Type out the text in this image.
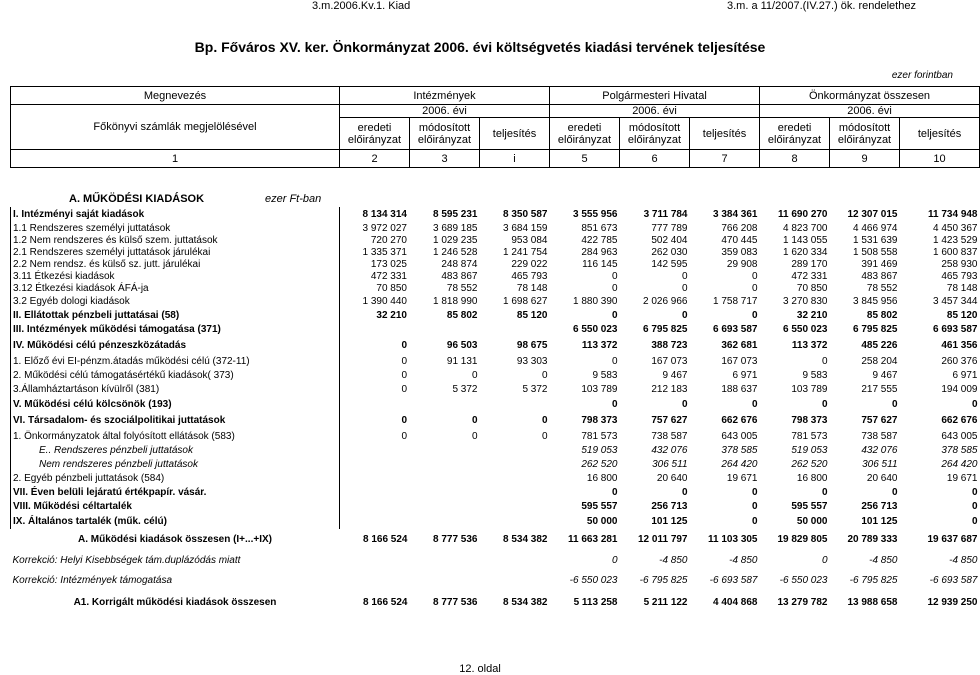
3.m.2006.Kv.1. Kiad	3.m. a 11/2007.(IV.27.) ök. rendelethez
Bp. Főváros XV. ker. Önkormányzat 2006. évi költségvetés kiadási tervének teljesítése
ezer forintban
Megnevezés	Intézmények			Polgármesteri Hivatal			Önkormányzat összesen		
Főkönyvi számlák megjelölésével	2006. évi			2006. évi			2006. évi		
	eredeti előirányzat	módosított előirányzat	teljesítés	eredeti előirányzat	módosított előirányzat	teljesítés	eredeti előirányzat	módosított előirányzat	teljesítés
1	2	3	i	5	6	7	8	9	10
A. MŰKÖDÉSI KIADÁSOK	ezer Ft-ban
I. Intézményi saját kiadások	8 134 314	8 595 231	8 350 587	3 555 956	3 711 784	3 384 361	11 690 270	12 307 015	11 734 948
1.1 Rendszeres személyi juttatások	3 972 027	3 689 185	3 684 159	851 673	777 789	766 208	4 823 700	4 466 974	4 450 367
1.2 Nem rendszeres és külső szem. juttatások	720 270	1 029 235	953 084	422 785	502 404	470 445	1 143 055	1 531 639	1 423 529
2.1 Rendszeres személyi juttatások járulékai	1 335 371	1 246 528	1 241 754	284 963	262 030	359 083	1 620 334	1 508 558	1 600 837
2.2 Nem rendsz. és külső sz. jutt. járulékai	173 025	248 874	229 022	116 145	142 595	29 908	289 170	391 469	258 930
3.11 Étkezési kiadások	472 331	483 867	465 793	0	0	0	472 331	483 867	465 793
3.12 Étkezési kiadások ÁFÁ-ja	70 850	78 552	78 148	0	0	0	70 850	78 552	78 148
3.2 Egyéb dologi kiadások	1 390 440	1 818 990	1 698 627	1 880 390	2 026 966	1 758 717	3 270 830	3 845 956	3 457 344
II. Ellátottak pénzbeli juttatásai (58)	32 210	85 802	85 120	0	0	0	32 210	85 802	85 120
III. Intézmények működési támogatása (371)				6 550 023	6 795 825	6 693 587	6 550 023	6 795 825	6 693 587
IV. Működési célú pénzeszközátadás	0	96 503	98 675	113 372	388 723	362 681	113 372	485 226	461 356
1. Előző évi EI-pénzm.átadás működési célú (372-11)	0	91 131	93 303	0	167 073	167 073	0	258 204	260 376
2. Működési célú támogatásértékű kiadások( 373)	0	0	0	9 583	9 467	6 971	9 583	9 467	6 971
3.Államháztartáson kívülről (381)	0	5 372	5 372	103 789	212 183	188 637	103 789	217 555	194 009
V. Működési célú kölcsönök (193)				0	0	0	0	0	0
VI. Társadalom- és szociálpolitikai juttatások	0	0	0	798 373	757 627	662 676	798 373	757 627	662 676
1. Önkormányzatok által folyósított ellátások (583)	0	0	0	781 573	738 587	643 005	781 573	738 587	643 005
E.. Rendszeres pénzbeli juttatások				519 053	432 076	378 585	519 053	432 076	378 585
Nem rendszeres pénzbeli juttatások				262 520	306 511	264 420	262 520	306 511	264 420
2. Egyéb pénzbeli juttatások (584)				16 800	20 640	19 671	16 800	20 640	19 671
VII. Éven belüli lejáratú értékpapír. vásár.				0	0	0	0	0	0
VIII. Működési céltartalék				595 557	256 713	0	595 557	256 713	0
IX. Általános tartalék (műk. célú)				50 000	101 125	0	50 000	101 125	0
A. Működési kiadások összesen (I+...+IX)	8 166 524	8 777 536	8 534 382	11 663 281	12 011 797	11 103 305	19 829 805	20 789 333	19 637 687
Korrekció: Helyi Kisebbségek tám.duplázódás miatt				0	-4 850	-4 850	0	-4 850	-4 850
Korrekció: Intézmények támogatása				-6 550 023	-6 795 825	-6 693 587	-6 550 023	-6 795 825	-6 693 587
A1. Korrigált működési kiadások összesen	8 166 524	8 777 536	8 534 382	5 113 258	5 211 122	4 404 868	13 279 782	13 988 658	12 939 250
12. oldal
